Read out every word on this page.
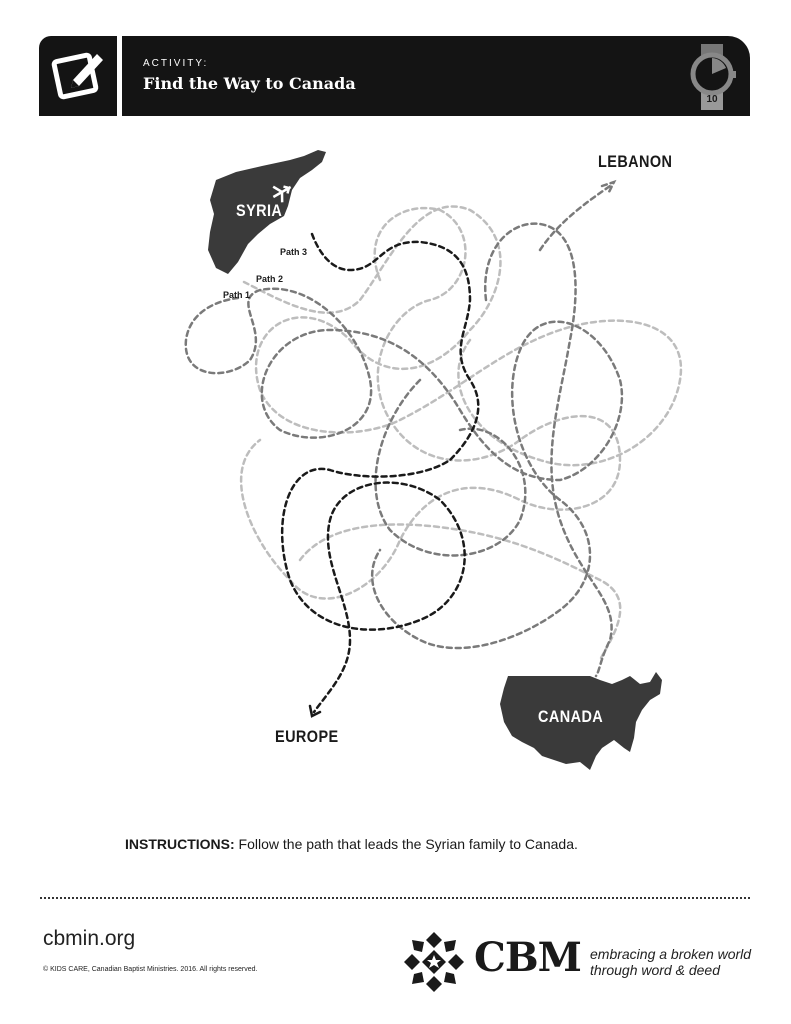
ACTIVITY:
Find the Way to Canada
10
SYRIA
LEBANON
EUROPE
CANADA
Path 3
Path 2
Path 1
INSTRUCTIONS: Follow the path that leads the Syrian family to Canada.
cbmin.org
© KIDS CARE, Canadian Baptist Ministries. 2016. All rights reserved.	CBM embracing a broken world
through word & deed
